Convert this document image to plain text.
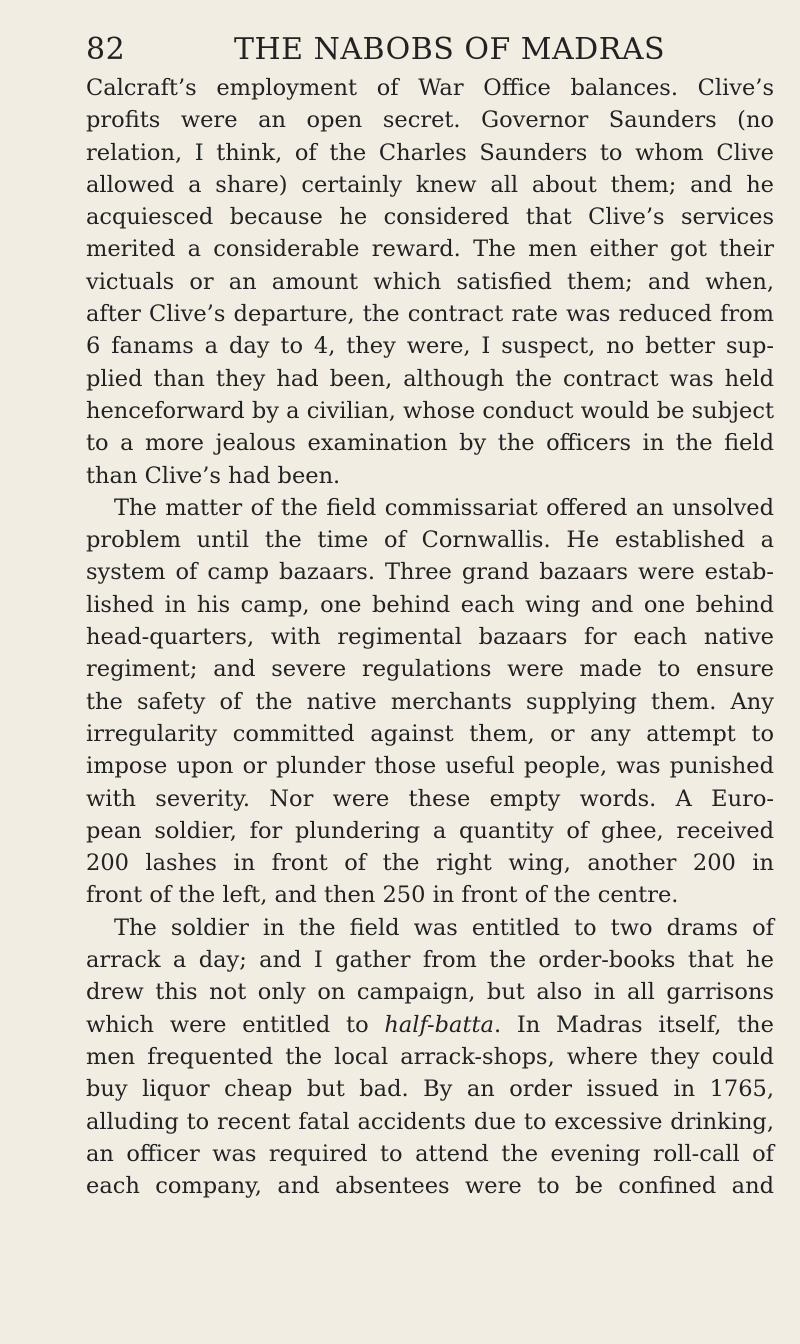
82	THE NABOBS OF MADRAS
Calcraft’s employment of War Office balances. Clive’s
profits were an open secret. Governor Saunders (no
relation, I think, of the Charles Saunders to whom Clive
allowed a share) certainly knew all about them; and he
acquiesced because he considered that Clive’s services
merited a considerable reward. The men either got their
victuals or an amount which satisfied them; and when,
after Clive’s departure, the contract rate was reduced from
6 fanams a day to 4, they were, I suspect, no better sup-
plied than they had been, although the contract was held
henceforward by a civilian, whose conduct would be subject
to a more jealous examination by the officers in the field
than Clive’s had been.
The matter of the field commissariat offered an unsolved
problem until the time of Cornwallis. He established a
system of camp bazaars. Three grand bazaars were estab-
lished in his camp, one behind each wing and one behind
head-quarters, with regimental bazaars for each native
regiment; and severe regulations were made to ensure
the safety of the native merchants supplying them. Any
irregularity committed against them, or any attempt to
impose upon or plunder those useful people, was punished
with severity. Nor were these empty words. A Euro-
pean soldier, for plundering a quantity of ghee, received
200 lashes in front of the right wing, another 200 in
front of the left, and then 250 in front of the centre.
The soldier in the field was entitled to two drams of
arrack a day; and I gather from the order-books that he
drew this not only on campaign, but also in all garrisons
which were entitled to half-batta. In Madras itself, the
men frequented the local arrack-shops, where they could
buy liquor cheap but bad. By an order issued in 1765,
alluding to recent fatal accidents due to excessive drinking,
an officer was required to attend the evening roll-call of
each company, and absentees were to be confined and
